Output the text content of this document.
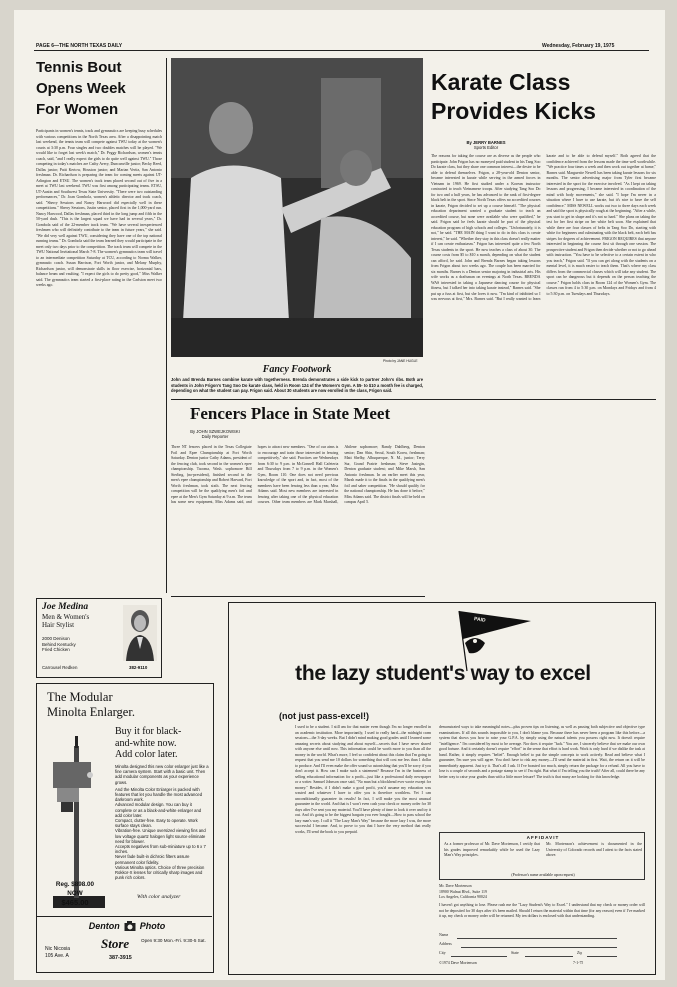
PAGE 6—THE NORTH TEXAS DAILY	Wednesday, February 19, 1975
Tennis Bout
Opens Week
For Women
Participants in women's tennis, track and gymnastics are keeping busy schedules with various competitions in the North Texas area. After a disappointing match last weekend, the tennis team will compete against TWU today at the women's courts at 3:30 p.m. Four singles and two doubles matches will be played. "We would like to forget last week's match," Dr. Peggy Richardson, women's tennis coach, said, "and I really expect the girls to do quite well against TWU." Those competing in today's matches are Cathy Avery, Duncanville junior; Becky Reed, Dallas junior; Patti Kertow, Houston junior; and Marian Vertiz, San Antonio freshman. Dr. Richardson is preparing the team for coming meets against UT-Arlington and ETSU. The women's track team placed second out of five in a meet at TWU last weekend. TWU was first among participating teams. ETSU, UT-Austin and Southwest Texas State University. "There were two outstanding performances," Dr. Joan Gombola, women's athletic director and track coach, said. "Sherry Sessions and Nancy Harwood did especially well in these competitions." Sherry Sessions, Justin senior, placed first in the 1,000-yard run. Nancy Harwood, Dallas freshman, placed third in the long jump and fifth in the 50-yard dash. "This is the largest squad we have had in several years," Dr. Gombola said of the 22-member track team. "We have several inexperienced freshmen who will definitely contribute to the team in future years," she said. "We did very well against TWU, considering they have one of the top national running teams." Dr. Gombola said the team learned they would participate in the meet only two days prior to the competition. The track team will compete in the TWU National Invitational March 7-8. The women's gymnastics team will travel to an intermediate competition Saturday at TCU, according to Norma Walker, gymnastic coach. Susan Harrison, Fort Worth junior, and Melany Murphy, Richardson junior, will demonstrate skills in floor exercise, horizontal bars, balance beam and vaulting. "I expect the girls to do pretty good," Miss Walker said. The gymnastics team started a first-place rating in the Carlston meet two weeks ago.
Photo by JANE HUGLE
Fancy Footwork
John and Brenda Barnes combine karate with togetherness. Brenda demonstrates a side kick to partner John's ribs. Both are students in John Frigon's Tang Soo Do karate class, held in Room 124 of the Women's Gym. A $5- to $10 a month fee is charged, depending on what the student can pay. Frigon said. About 30 students are now enrolled in the class, Frigon said.
Karate Class
Provides Kicks
By JERRY BARNES
Sports Editor
The reasons for taking the course are as diverse as the people who participate. John Frigon has no moneyed paid student in his Tang Soo Do karate class, but they share one common interest—the desire to be able to defend themselves. Frigon, a 28-year-old Denton senior, became interested in karate while serving in the armed forces in Vietnam in 1969. He first studied under a Korean instructor contracted to teach Vietnamese troops. After studying Tang Soo Do for two and a half years, he has advanced to the rank of first-degree black belt in the sport. Since North Texas offers no accredited courses in karate, Frigon decided to set up a course himself. "The physical education department wanted a graduate student to teach an accredited course, but none were available who were qualified," he said. Frigon said he feels karate should be part of the physical education program of high schools and colleges. "Unfortunately, it is not," he said. "THE MAIN thing I want to do in this class is create interest," he said. "Whether they stay in this class doesn't really matter if I can create enthusiasm." Frigon has interested quite a few North Texas students in the sport. He now teaches a class of about 30. The course costs from $5 to $10 a month, depending on what the student can afford, he said. John and Brenda Barnes began taking lessons from Frigon about two weeks ago. The couple has been married for six months. Barnes is a Denton senior majoring in industrial arts. His wife works as a draftsman on evenings at North Texas. BRENDA WAS interested in taking a Japanese dancing course for physical fitness, but I talked her into taking karate instead," Barnes said. "She put up a fuss at first, but she loves it now. "I'm kind of inhibited so I was nervous at first," Mrs. Barnes said. "But I really wanted to learn karate and to be able to defend myself." Both agreed that the confidence achieved from the lessons made the time well worthwhile. "We practice four times a week and then work out together at home," Barnes said. Marguerite Newell has been taking karate lessons for six months. The senior advertising major from Tyler first became interested in the sport for the exercise involved. "As I kept on taking lessons and progressing, I became interested in coordination of the mind with body movements," she said. "I hope I'm never in a situation where I have to use karate, but it's nice to have the self confidence." MISS NEWELL works out two to three days each week and said the sport is physically rough at the beginning. "After a while, you start to get in shape and it's not so hard." She plans on taking the test for her first stripe on her white belt soon. She explained that while there are four classes of belts in Tang Soo Do, starting with white for beginners and culminating with the black belt, each belt has stripes for degrees of achievement. FRIGON REQUIRES that anyone interested in beginning the course first sit through one session. The prospective student and Frigon then decide whether or not to go ahead with instruction. "You have to be selective to a certain extent in who you teach," Frigon said. "If you can get along with the students on a mental level, it is much easier to teach them. That's where my class differs from the commercial classes which will take any student. The sport can be dangerous but it depends on the person teaching the course." Frigon holds class in Room 124 of the Women's Gym. The classes run from 4 to 5:30 p.m. on Mondays and Fridays and from 4 to 5:30 p.m. on Tuesdays and Thursdays.
Fencers Place in State Meet
By JOHN SZWEJKOWSKI
Daily Reporter
Three NT fencers placed in the Texas Collegiate Foil and Epee Championship at Fort Worth Saturday. Denton junior Cathy Adams, president of the fencing club, took second in the women's epee championship. Tacoma, Wash. sophomore Bill Sterling, (no-president), finished second in the men's epee championship and Robert Harvard, Fort Worth freshman, took sixth. The next fencing competition will be the qualifying men's foil and epee at the Men's Gym Saturday at 9 a.m. The team has some new equipment, Miss Adams said, and hopes to attract new members. "One of our aims is to encourage and train those interested in fencing competitively," she said. Practices are Wednesdays from 6:30 to 9 p.m. in McConnell Hall Cafeteria and Thursdays from 7 to 9 p.m. in the Women's Gym, Room 110. One does not need previous knowledge of the sport and, in fact, most of the members have been fencing less than a year, Miss Adams said. Most new members are interested in fencing after taking one of the physical education courses. Other team members are Mark Marshall, Abilene sophomore; Randy Dahlberg, Denton senior; Dan Shin, Seoul, South Korea, freshman; Matt Shelby, Albuquerque, N. M., junior; Terry Sur, Grand Prairie freshman; Steve Jasiegin, Denton graduate student; and Mike Marsh, San Antonio freshman. In an earlier meet this year, Marsh made it to the finals in the qualifying men's foil and saber competition. "He should qualify for the national championship. He has done it before," Miss Adams said. The district finals will be held on campus April 5.
Joe Medina
Men & Women's
Hair Stylist
2000 Denison
Behind Kentucky
Fried Chicken
Carrousel Redken	382-9110
The Modular
Minolta Enlarger.
Buy it for black-
and-white now.
Add color later.
Minolta designed this new color enlarger just like a fine camera system. Start with a basic unit. Then add modular components as your experience grows.
And the Minolta Color Enlarger is packed with features that let you handle the most advanced darkroom work.
Advanced modular design. You can buy it complete or as a black-and-white enlarger and add color later.
Compact, clutter-free. Easy to operate. Work surface stays clean.
Vibration-free. Unique oversized viewing fins and low voltage quartz halogen light source eliminate need for blower.
Accepts negatives from sub-miniature up to 6 x 7 inches.
Never fade built-in dichroic filters assure permanent color fidelity.
Various Minolta optics. Choice of three precision Rokkor-X lenses for critically sharp images and punk rich colors.
With color analyzer
Reg. $898.00
NOW
$465.00
Denton Photo
Store	Open 9:30 Mon.-Fri. 9:30-5 Sat.
Nic Nicosia
105 Ave. A	387-3915
PAID
the lazy student's way to excel
(not just pass-excel!)
I used to be a student. I still am for that matter even though I'm no longer enrolled in an academic institution. More importantly, I used to really hard—the midnight cram sessions—the 3-day weeks. But I didn't mind making good grades until I learned some amazing secrets about studying and about myself—secrets that I have never shared with anyone else until now. This information could be worth more to you than all the money in the world. What's more, I feel so confident about this claim that I'm going to request that you send me 10 dollars for something that will cost me less than 1 dollar to produce. And I'll even make the offer sound so astonishing that you'll be sorry if you don't accept it. How can I make such a statement? Because I'm in the business of selling educational information for a profit—just like a professional daily newspaper or a writer. Samuel Johnson once said, "No man but a blockhead ever wrote except for money." Besides, if I didn't make a good profit, you'd assume my education was wasted and whatever I have to offer you is therefore worthless. Yet I can unconditionally guarantee its results! In fact, I will make you the most unusual guarantee in the world. And that is I won't even cash your check or money order for 30 days after I've sent you my material. You'll have plenty of time to look it over and try it out. And it's going to be the biggest bargain you ever bought—How to pass school the lazy man's way. I call it "The Lazy Man's Way" because the more lazy I was, the more successful I became. And, to prove to you that I have the very method that really works, I'll send the book to you prepaid.
demonstrated ways to take meaningful notes—plus proven tips on listening, as well as passing both subjective and objective type examinations. If all this sounds impossible to you, I don't blame you. Because there has never been a program like this before—a system that shows you how to raise your G.P.A. by simply using the natural talents you possess right now. It doesn't require "intelligence." I'm considered by most to be average. Nor does it require "luck." You are, I sincerely believe that we make our own good fortune. And it certainly doesn't require "effort" in the sense that effort is hard work. Work is only hard if we dislike the task at hand. Rather, it simply requires "belief". Enough belief to put the simple concepts to work actively. Read and believe what I guarantee, I'm sure you will agree. You don't have to risk any money—I'll send the material in first. Wait, the return on it will be immediately apparent. Just try it. That's all I ask. If I've boasted too much, simply return the package for a refund. All you have to lose is a couple of seconds and a postage stamp to see if I'm right. But what if I'm telling you the truth? After all, could there be any better way to raise your grades than with a little more leisure? The truth is that many are looking for this knowledge.
AFFIDAVIT
As a former professor of Mr. Dave Mortenson, I certify that his grades improved remarkably while he used the Lazy Man's Way principles.
Mr. Mortenson's achievement is documented in the University of Colorado records and I attest to the facts stated above.
(Professor's name available upon request)
Mr. Dave Mortenson
18900 Walnut Blvd., Suite 119
Los Angeles, California 90024
I haven't got anything to lose. Please rush me the "Lazy Student's Way to Excel." I understand that my check or money order will not be deposited for 30 days after it's been mailed. Should I return the material within that time (for any reason) even if I've marked it up, my check or money order will be returned. My ten dollars is enclosed with that understanding.
Name
Address
City	State	Zip
©1974 Dave Mortenson	7-1-75
